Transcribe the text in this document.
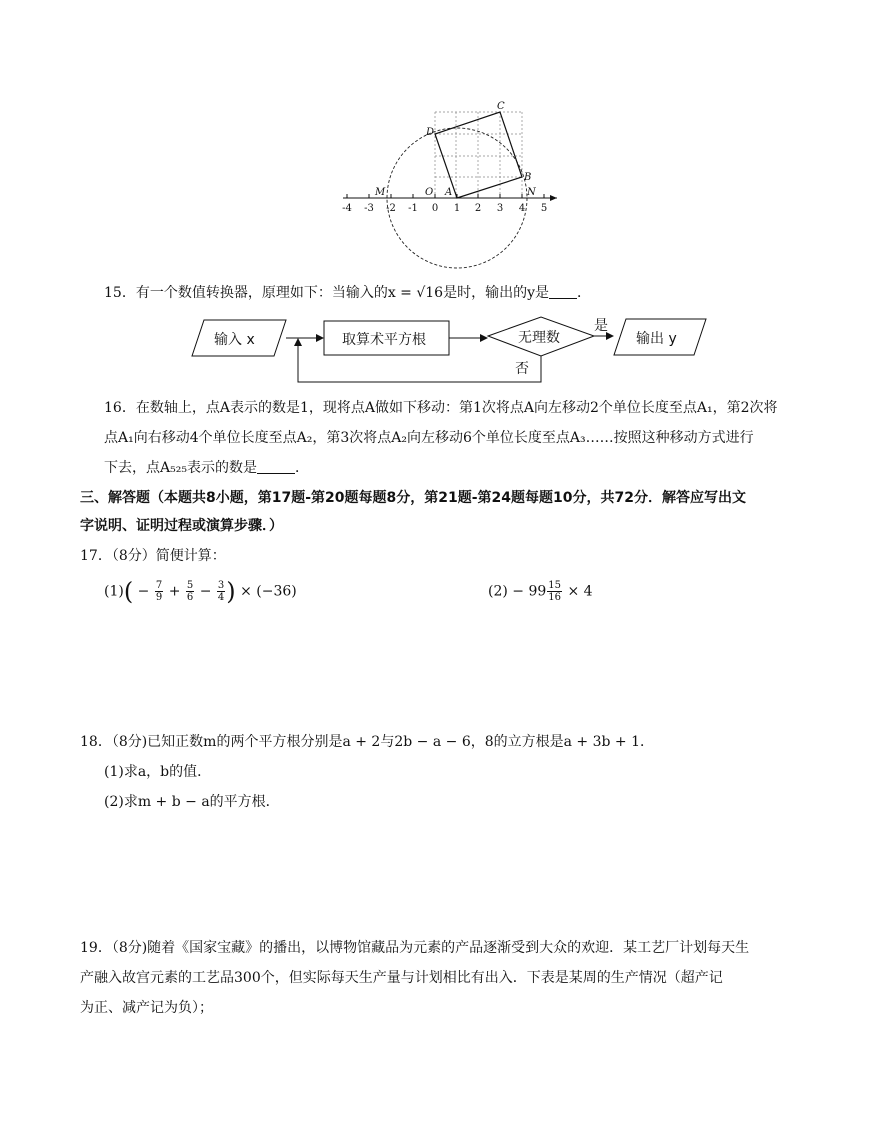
C
D
B
A
O
M	N
-4 -3 -2 -1 0 1 2 3 4 5
15．有一个数值转换器，原理如下：当输入的x = √16是时，输出的y是 ．
输入 x	取算术平方根	无理数
是
否
输出 y
16．在数轴上，点A表示的数是1，现将点A做如下移动：第1次将点A向左移动2个单位长度至点A₁，第2次将
点A₁向右移动4个单位长度至点A₂，第3次将点A₂向左移动6个单位长度至点A₃……按照这种移动方式进行
下去，点A₅₂₅表示的数是	．
三、解答题（本题共8小题，第17题-第20题每题8分，第21题-第24题每题10分，共72分．解答应写出文
字说明、证明过程或演算步骤．）
17．（8分）简便计算：
$(1)( - \frac{7}{9} + \frac{5}{6} - \frac{3}{4}$ ) × (−36)	$(2) - 99 \frac{15}{16} \times 4$
18．（8分)已知正数m的两个平方根分别是a + 2与2b − a − 6，8的立方根是a + 3b + 1．
(1)求a，b的值．
(2)求m + b − a的平方根．
19．（8分)随着《国家宝藏》的播出，以博物馆藏品为元素的产品逐渐受到大众的欢迎．某工艺厂计划每天生
产融入故宫元素的工艺品300个，但实际每天生产量与计划相比有出入．下表是某周的生产情况（超产记
为正、减产记为负）；
